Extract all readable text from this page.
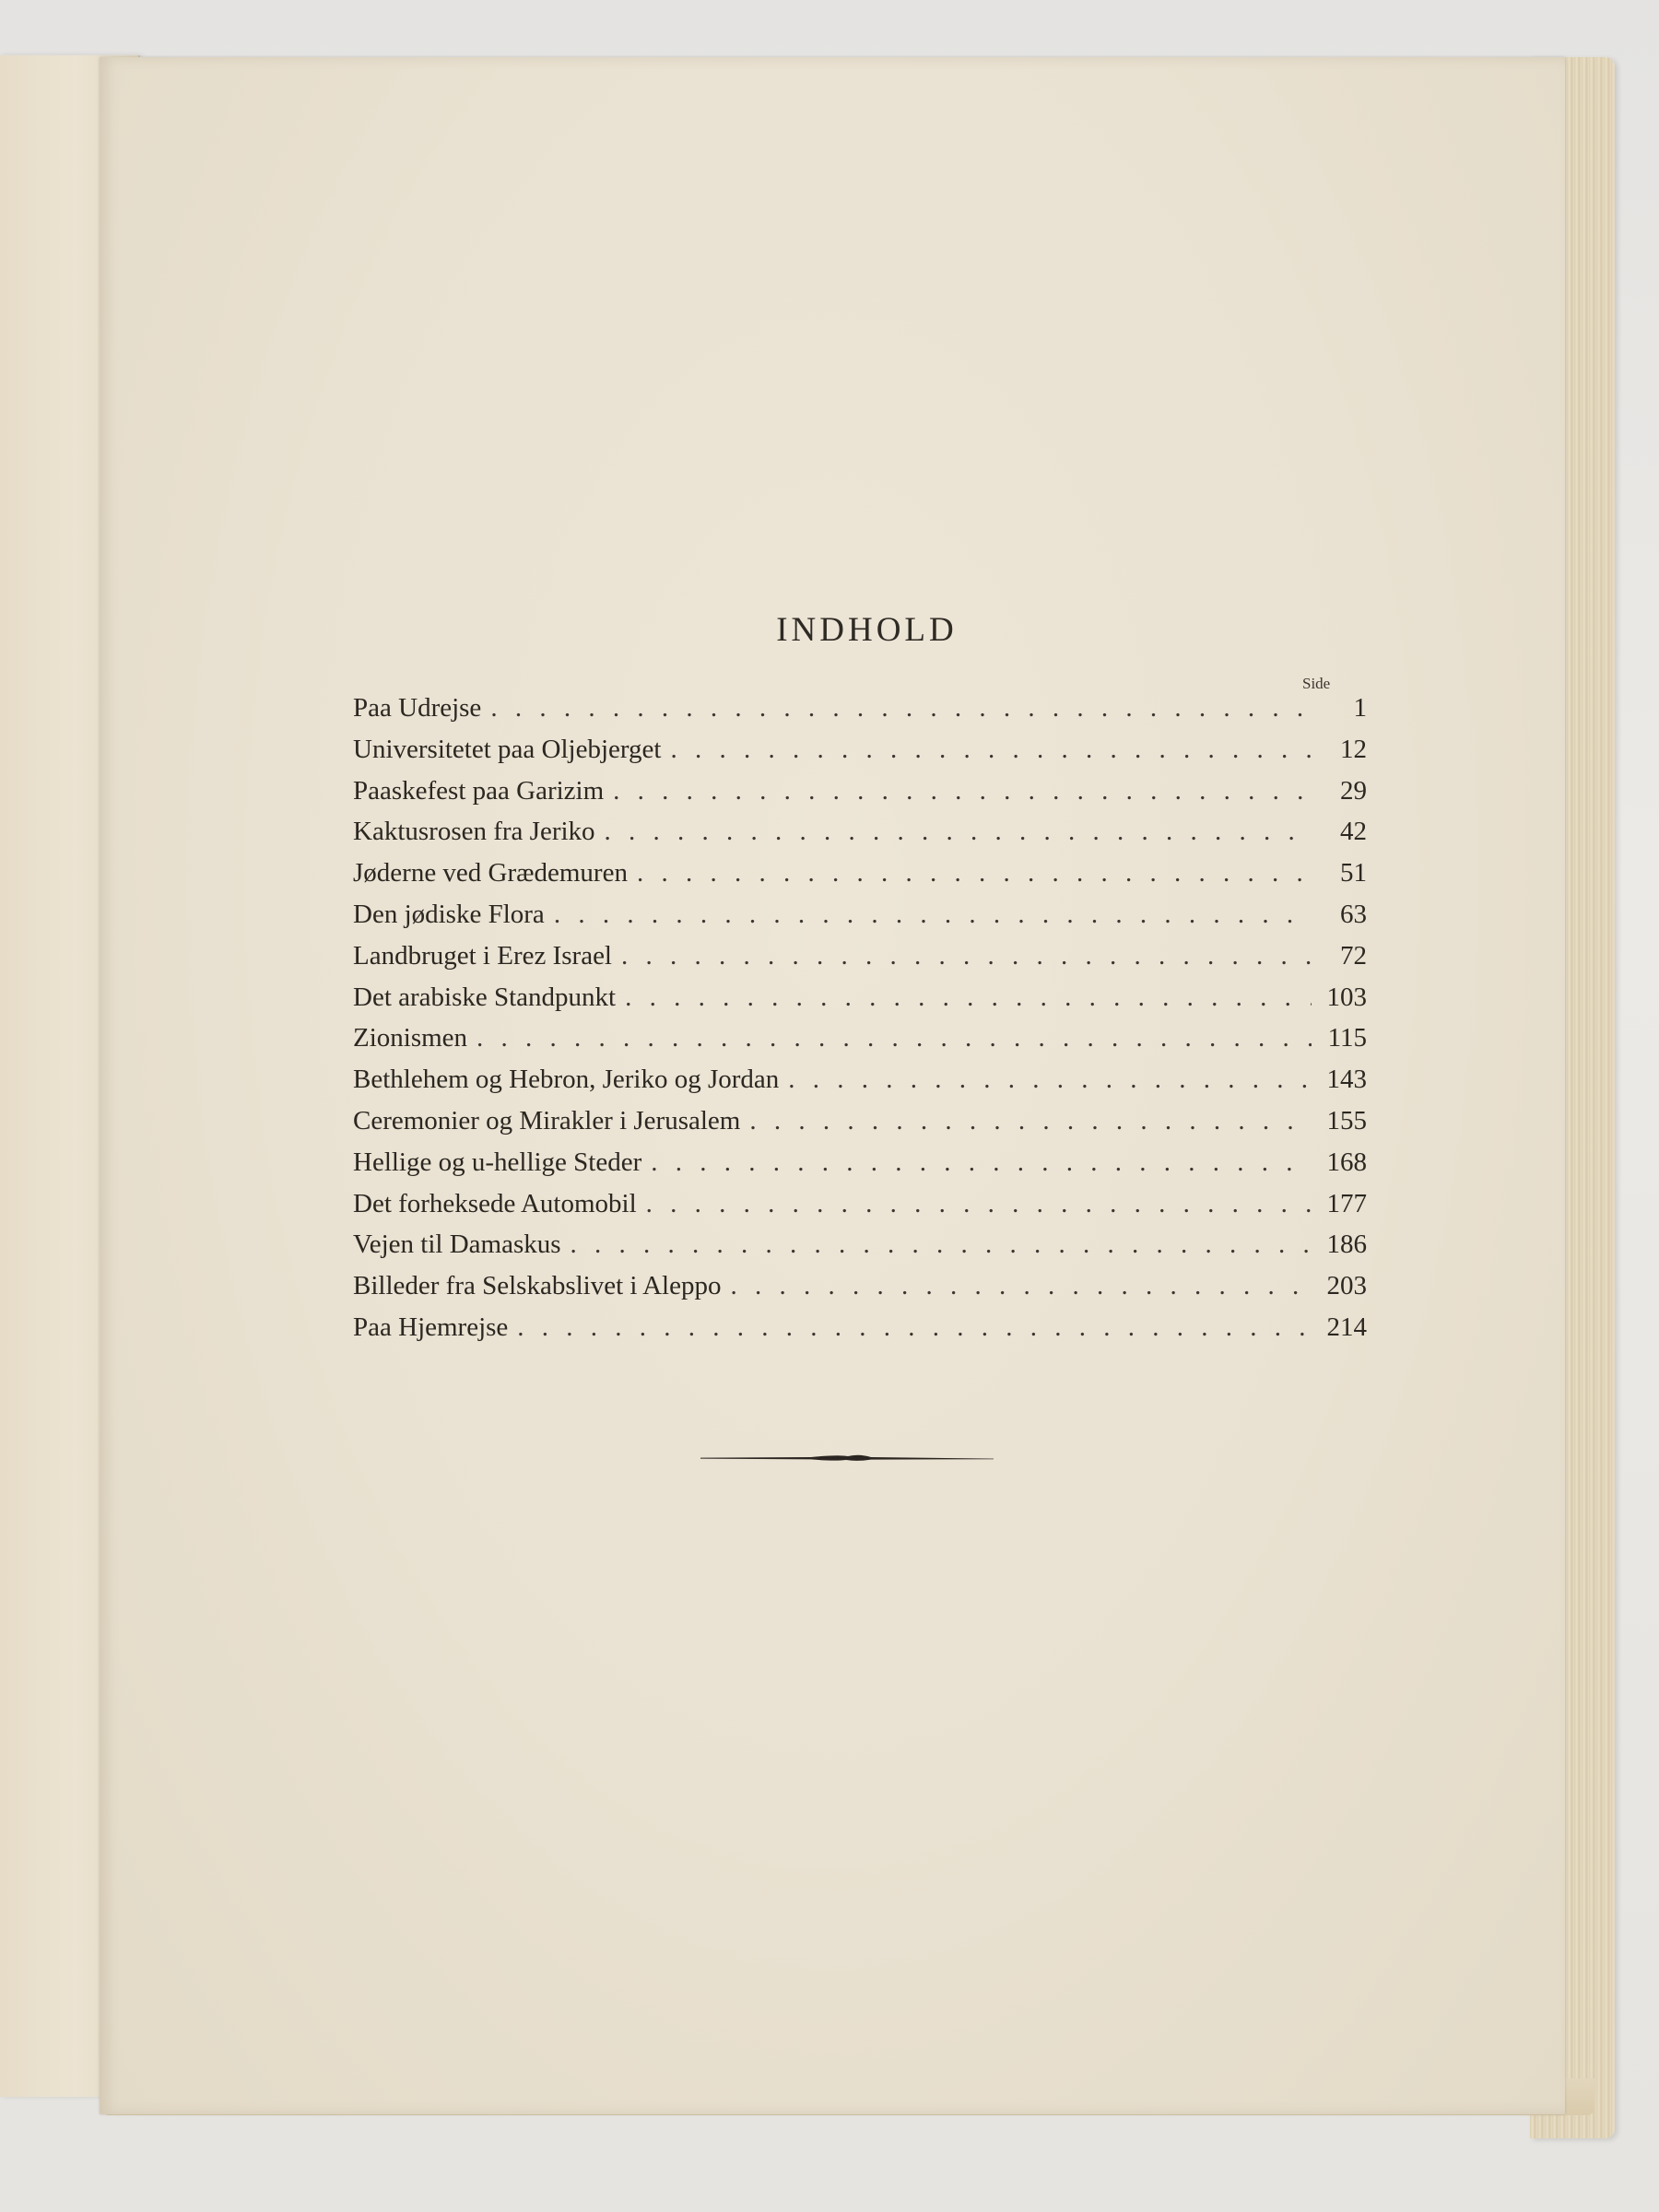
INDHOLD
Side
Paa Udrejse . . .	1
Universitetet paa Oljebjerget . . .	12
Paaskefest paa Garizim . . .	29
Kaktusrosen fra Jeriko . . .	42
Jøderne ved Grædemuren . . .	51
Den jødiske Flora . . .	63
Landbruget i Erez Israel . . .	72
Det arabiske Standpunkt . . .	103
Zionismen . . .	115
Bethlehem og Hebron, Jeriko og Jordan . . .	143
Ceremonier og Mirakler i Jerusalem . . .	155
Hellige og u-hellige Steder . . .	168
Det forheksede Automobil . . .	177
Vejen til Damaskus . . .	186
Billeder fra Selskabslivet i Aleppo . . .	203
Paa Hjemrejse . . .	214
